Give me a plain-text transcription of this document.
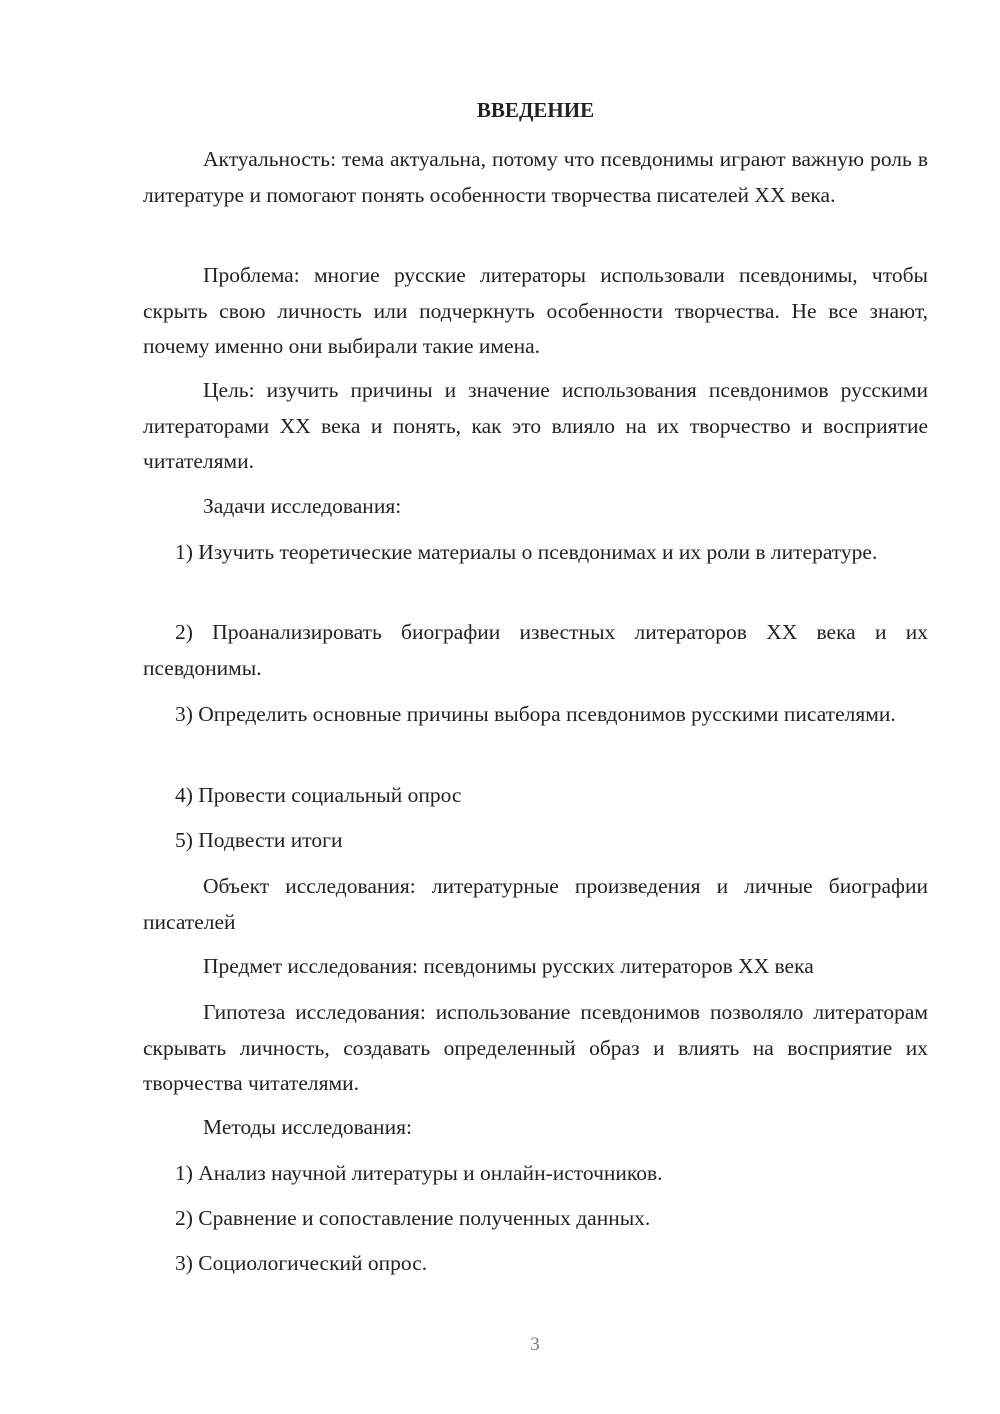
ВВЕДЕНИЕ

Актуальность: тема актуальна, потому что псевдонимы играют важную роль в литературе и помогают понять особенности творчества писателей XX века.

Проблема: многие русские литераторы использовали псевдонимы, чтобы скрыть свою личность или подчеркнуть особенности творчества. Не все знают, почему именно они выбирали такие имена.

Цель: изучить причины и значение использования псевдонимов русскими литераторами XX века и понять, как это влияло на их творчество и восприятие читателями.

Задачи исследования:

1) Изучить теоретические материалы о псевдонимах и их роли в литературе.

2) Проанализировать биографии известных литераторов XX века и их псевдонимы.

3) Определить основные причины выбора псевдонимов русскими писателями.

4) Провести социальный опрос

5) Подвести итоги

Объект исследования: литературные произведения и личные биографии писателей

Предмет исследования: псевдонимы русских литераторов XX века

Гипотеза исследования: использование псевдонимов позволяло литераторам скрывать личность, создавать определенный образ и влиять на восприятие их творчества читателями.

Методы исследования:

1) Анализ научной литературы и онлайн-источников.

2) Сравнение и сопоставление полученных данных.

3) Социологический опрос.

3
